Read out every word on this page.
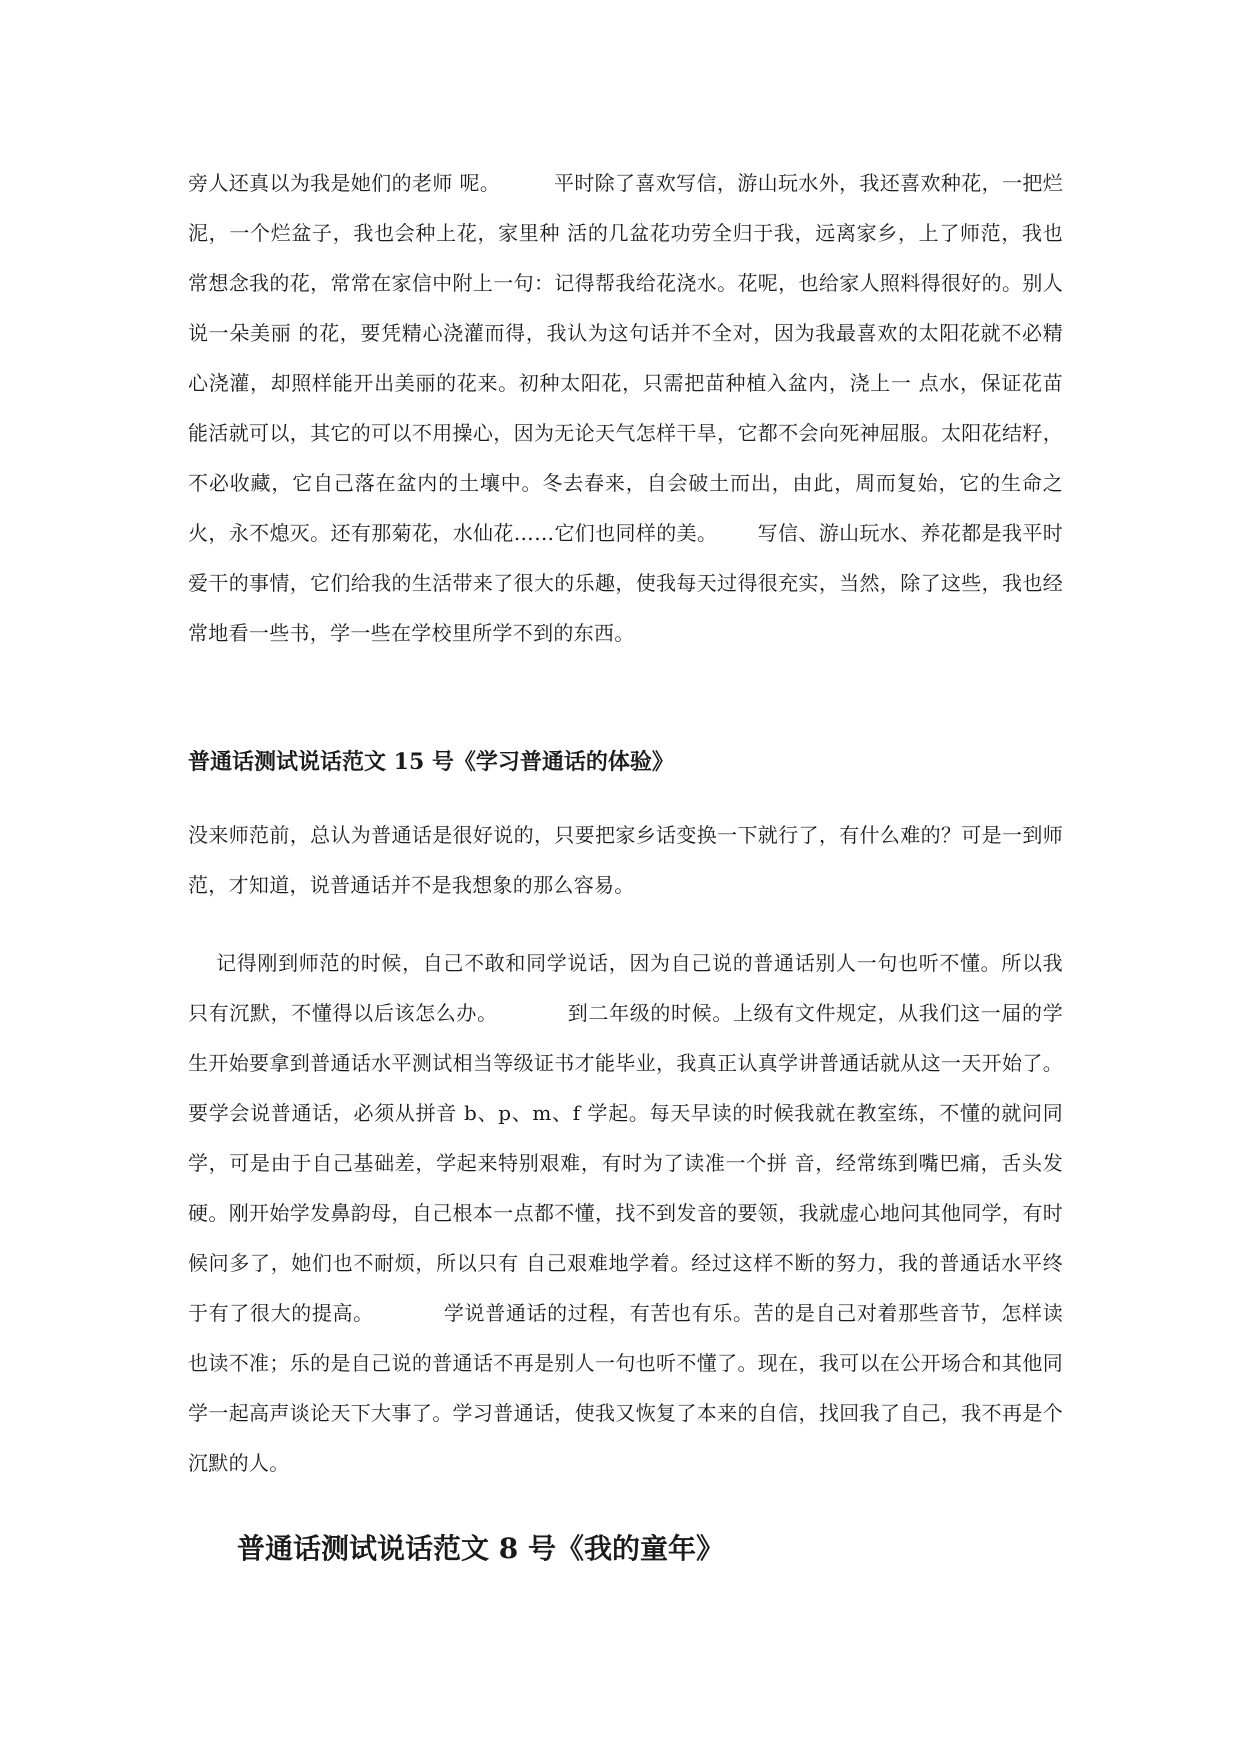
旁人还真以为我是她们的老师 呢。        平时除了喜欢写信，游山玩水外，我还喜欢种花，一把烂泥，一个烂盆子，我也会种上花，家里种 活的几盆花功劳全归于我，远离家乡，上了师范，我也常想念我的花，常常在家信中附上一句：记得帮我给花浇水。花呢，也给家人照料得很好的。别人说一朵美丽 的花，要凭精心浇灌而得，我认为这句话并不全对，因为我最喜欢的太阳花就不必精心浇灌，却照样能开出美丽的花来。初种太阳花，只需把苗种植入盆内，浇上一 点水，保证花苗能活就可以，其它的可以不用操心，因为无论天气怎样干旱，它都不会向死神屈服。太阳花结籽，不必收藏，它自己落在盆内的土壤中。冬去春来，自会破土而出，由此，周而复始，它的生命之火，永不熄灭。还有那菊花，水仙花……它们也同样的美。      写信、游山玩水、养花都是我平时爱干的事情，它们给我的生活带来了很大的乐趣，使我每天过得很充实，当然，除了这些，我也经常地看一些书，学一些在学校里所学不到的东西。

普通话测试说话范文 15 号《学习普通话的体验》

没来师范前，总认为普通话是很好说的，只要把家乡话变换一下就行了，有什么难的？可是一到师范，才知道，说普通话并不是我想象的那么容易。

记得刚到师范的时候，自己不敢和同学说话，因为自己说的普通话别人一句也听不懂。所以我只有沉默，不懂得以后该怎么办。          到二年级的时候。上级有文件规定，从我们这一届的学生开始要拿到普通话水平测试相当等级证书才能毕业，我真正认真学讲普通话就从这一天开始了。     要学会说普通话，必须从拼音 b、p、m、f 学起。每天早读的时候我就在教室练，不懂的就问同学，可是由于自己基础差，学起来特别艰难，有时为了读准一个拼 音，经常练到嘴巴痛，舌头发硬。刚开始学发鼻韵母，自己根本一点都不懂，找不到发音的要领，我就虚心地问其他同学，有时候问多了，她们也不耐烦，所以只有 自己艰难地学着。经过这样不断的努力，我的普通话水平终于有了很大的提高。          学说普通话的过程，有苦也有乐。苦的是自己对着那些音节，怎样读也读不准；乐的是自己说的普通话不再是别人一句也听不懂了。现在，我可以在公开场合和其他同学一起高声谈论天下大事了。学习普通话，使我又恢复了本来的自信，找回我了自己，我不再是个沉默的人。

普通话测试说话范文 8 号《我的童年》
